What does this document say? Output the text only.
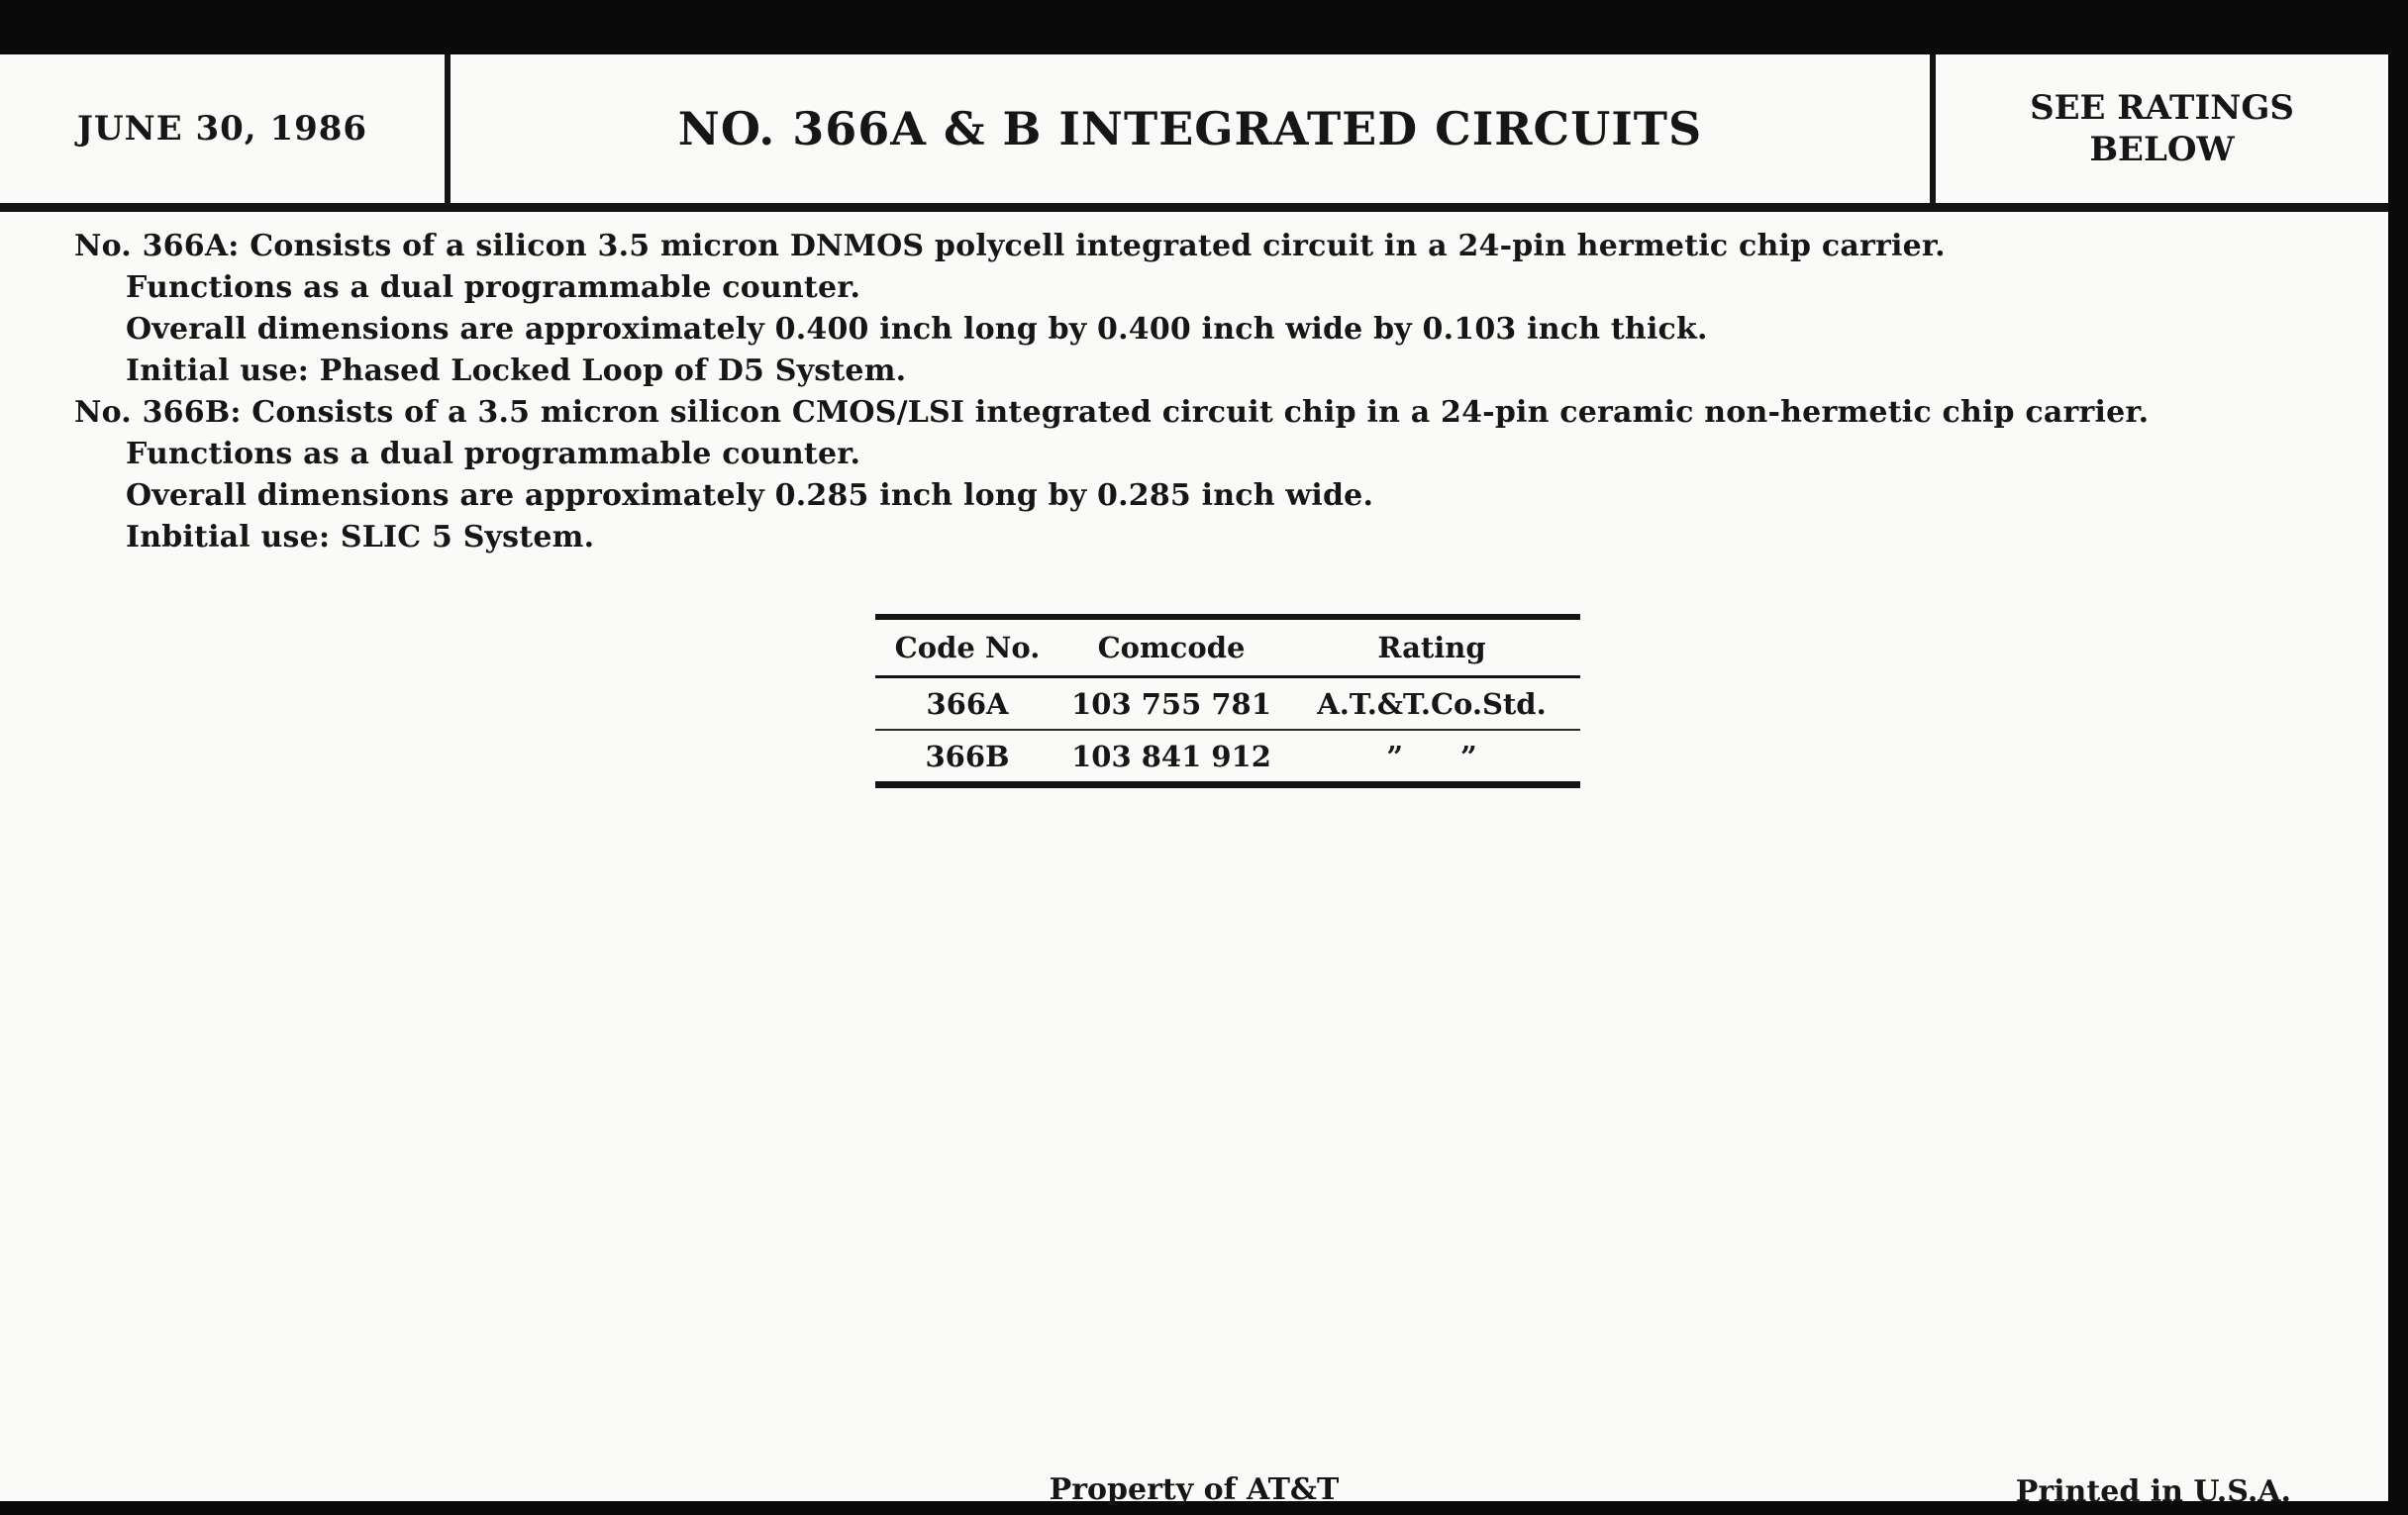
JUNE 30, 1986	NO. 366A & B INTEGRATED CIRCUITS	SEE RATINGS
BELOW
No. 366A: Consists of a silicon 3.5 micron DNMOS polycell integrated circuit in a 24-pin hermetic chip carrier.
Functions as a dual programmable counter.
Overall dimensions are approximately 0.400 inch long by 0.400 inch wide by 0.103 inch thick.
Initial use: Phased Locked Loop of D5 System.
No. 366B: Consists of a 3.5 micron silicon CMOS/LSI integrated circuit chip in a 24-pin ceramic non-hermetic chip carrier.
Functions as a dual programmable counter.
Overall dimensions are approximately 0.285 inch long by 0.285 inch wide.
Inbitial use: SLIC 5 System.
Code No.	Comcode	Rating
366A	103 755 781	A.T.&T.Co.Std.
366B	103 841 912	”  ”
Property of AT&T	Printed in U.S.A.
